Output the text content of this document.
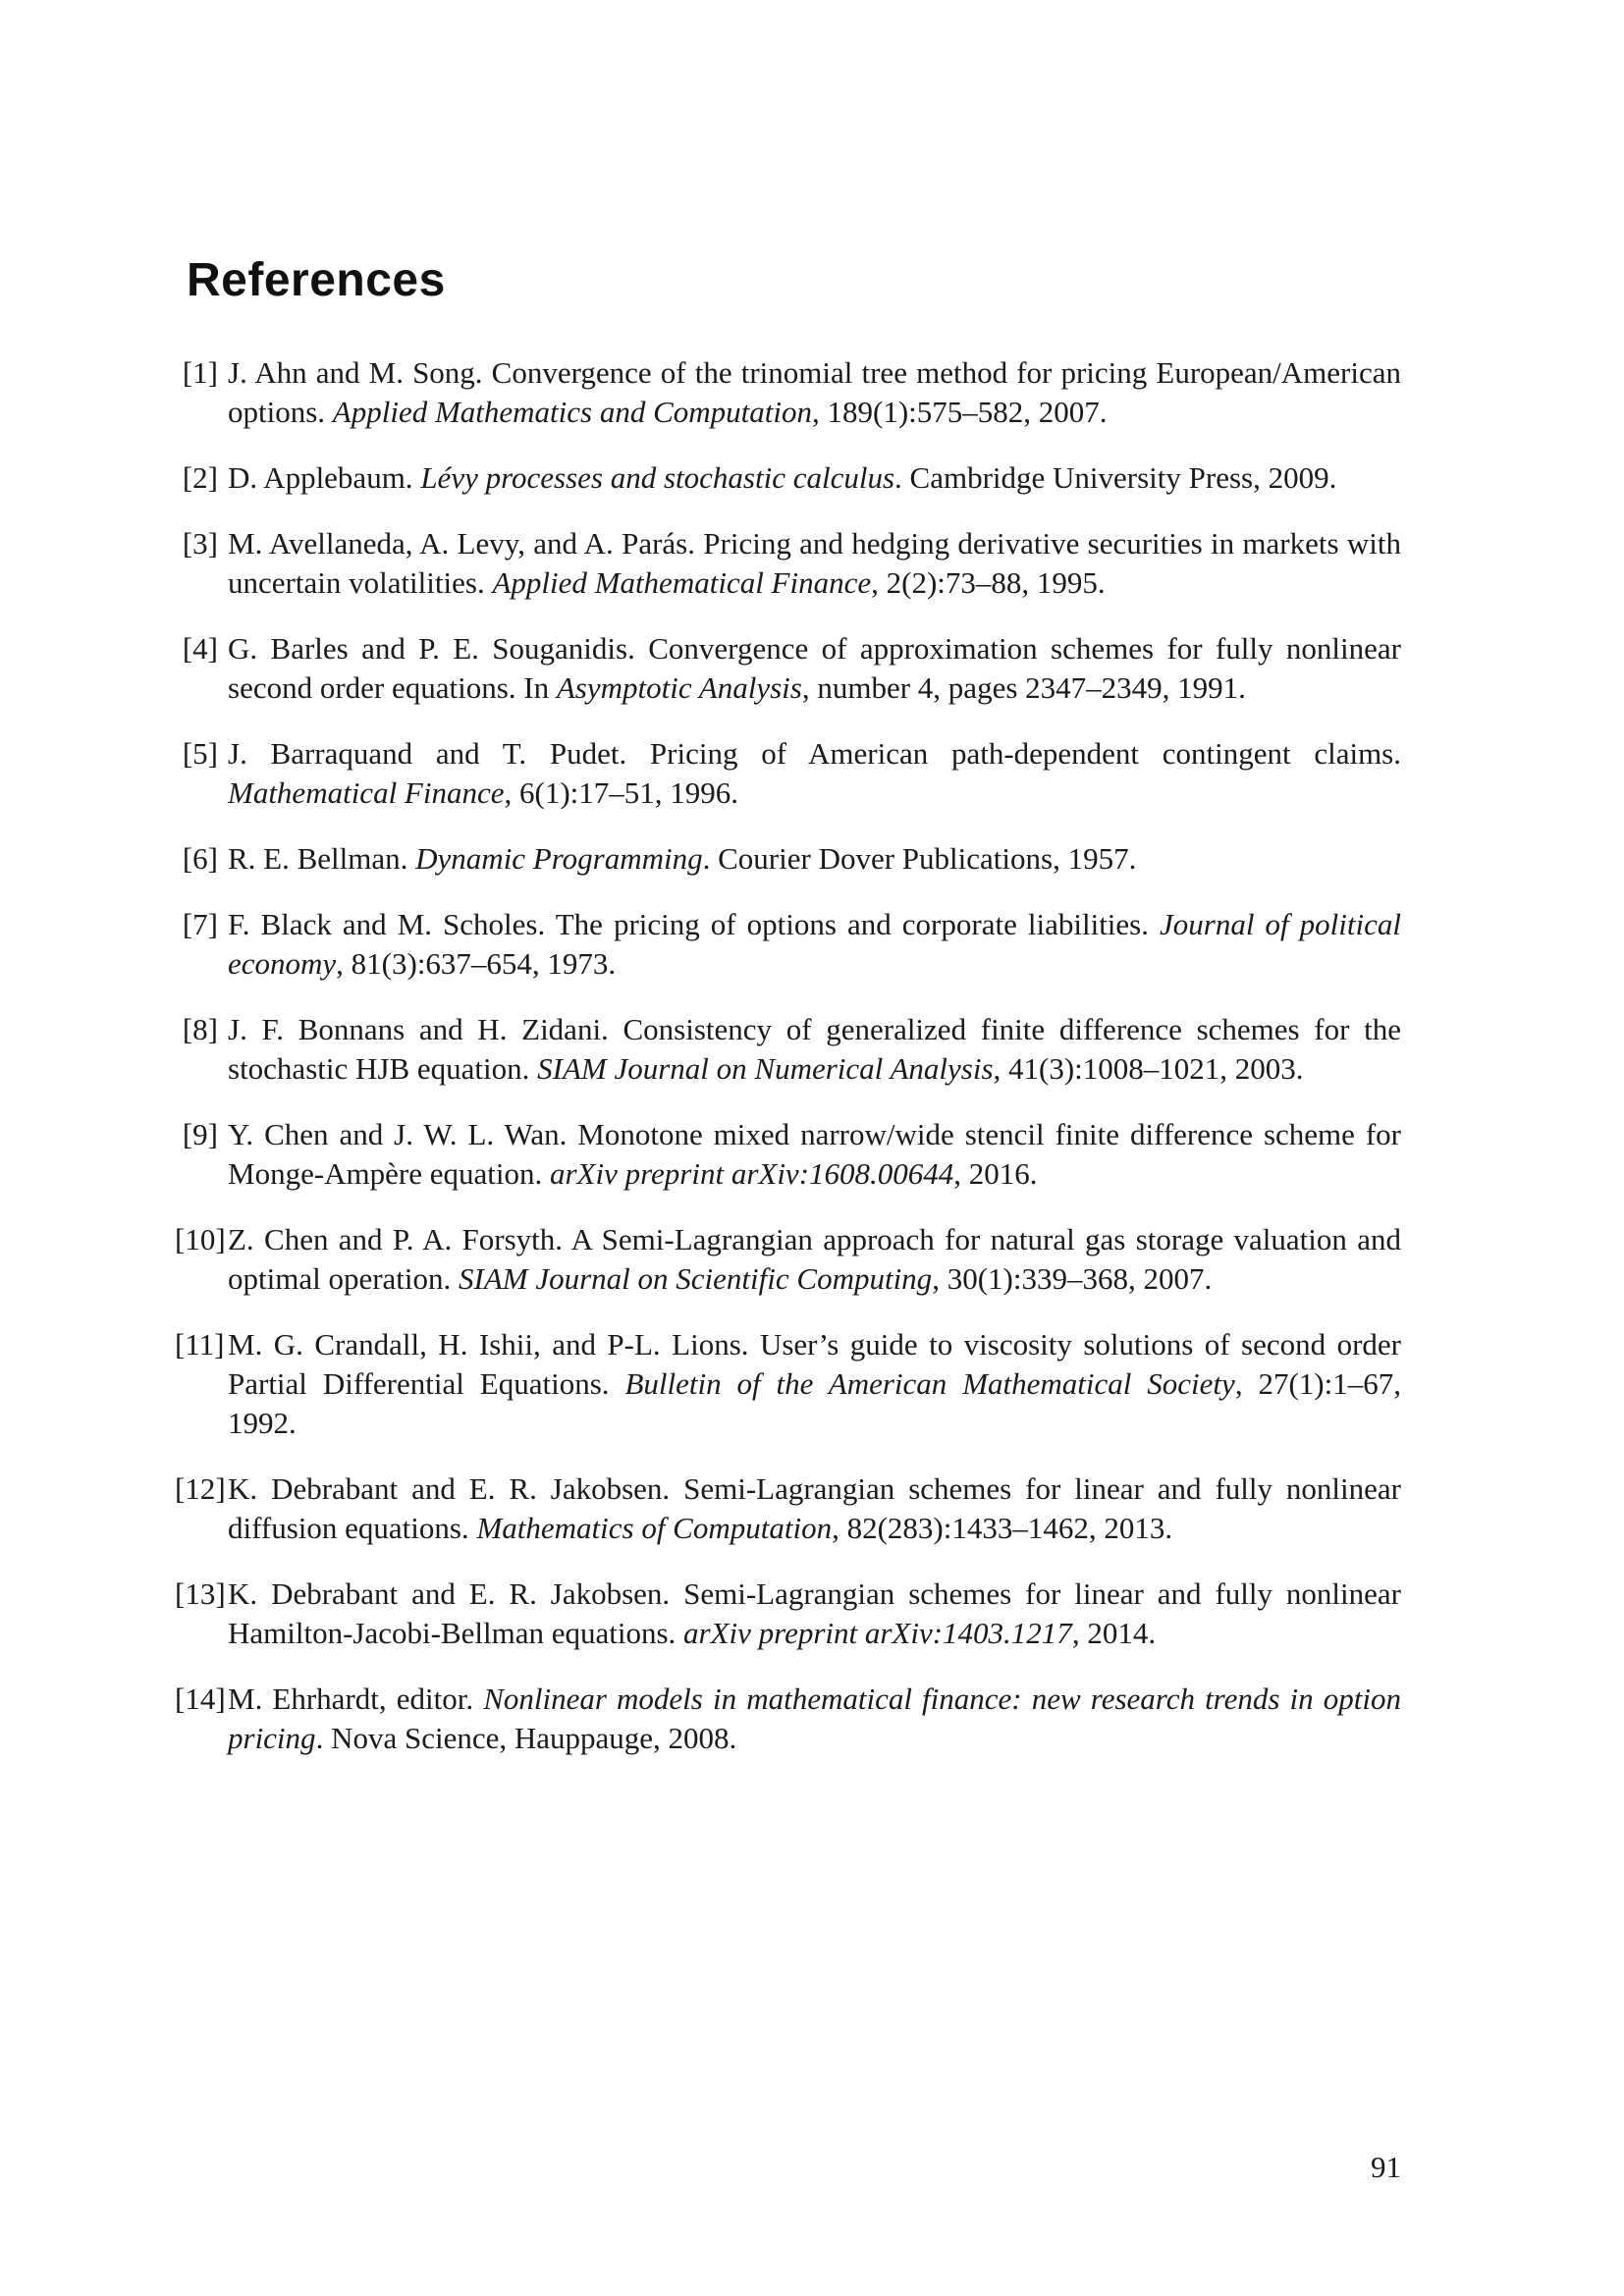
References
[1] J. Ahn and M. Song. Convergence of the trinomial tree method for pricing European/American options. Applied Mathematics and Computation, 189(1):575–582, 2007.
[2] D. Applebaum. Lévy processes and stochastic calculus. Cambridge University Press, 2009.
[3] M. Avellaneda, A. Levy, and A. Parás. Pricing and hedging derivative securities in markets with uncertain volatilities. Applied Mathematical Finance, 2(2):73–88, 1995.
[4] G. Barles and P. E. Souganidis. Convergence of approximation schemes for fully nonlinear second order equations. In Asymptotic Analysis, number 4, pages 2347–2349, 1991.
[5] J. Barraquand and T. Pudet. Pricing of American path-dependent contingent claims. Mathematical Finance, 6(1):17–51, 1996.
[6] R. E. Bellman. Dynamic Programming. Courier Dover Publications, 1957.
[7] F. Black and M. Scholes. The pricing of options and corporate liabilities. Journal of political economy, 81(3):637–654, 1973.
[8] J. F. Bonnans and H. Zidani. Consistency of generalized finite difference schemes for the stochastic HJB equation. SIAM Journal on Numerical Analysis, 41(3):1008–1021, 2003.
[9] Y. Chen and J. W. L. Wan. Monotone mixed narrow/wide stencil finite difference scheme for Monge-Ampère equation. arXiv preprint arXiv:1608.00644, 2016.
[10] Z. Chen and P. A. Forsyth. A Semi-Lagrangian approach for natural gas storage valuation and optimal operation. SIAM Journal on Scientific Computing, 30(1):339–368, 2007.
[11] M. G. Crandall, H. Ishii, and P-L. Lions. User’s guide to viscosity solutions of second order Partial Differential Equations. Bulletin of the American Mathematical Society, 27(1):1–67, 1992.
[12] K. Debrabant and E. R. Jakobsen. Semi-Lagrangian schemes for linear and fully nonlinear diffusion equations. Mathematics of Computation, 82(283):1433–1462, 2013.
[13] K. Debrabant and E. R. Jakobsen. Semi-Lagrangian schemes for linear and fully nonlinear Hamilton-Jacobi-Bellman equations. arXiv preprint arXiv:1403.1217, 2014.
[14] M. Ehrhardt, editor. Nonlinear models in mathematical finance: new research trends in option pricing. Nova Science, Hauppauge, 2008.
91
